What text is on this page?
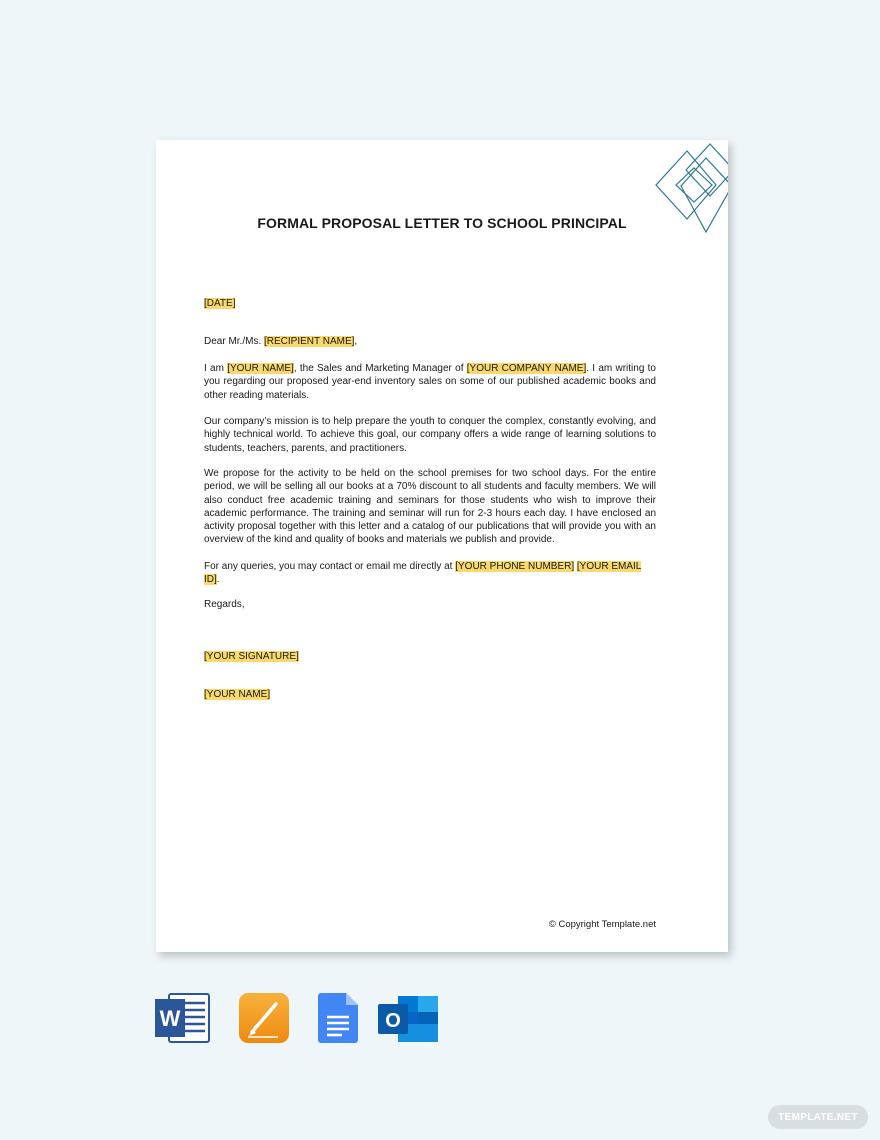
FORMAL PROPOSAL LETTER TO SCHOOL PRINCIPAL
[DATE]
Dear Mr./Ms. [RECIPIENT NAME],
I am [YOUR NAME], the Sales and Marketing Manager of [YOUR COMPANY NAME]. I am writing to you regarding our proposed year-end inventory sales on some of our published academic books and other reading materials.
Our company’s mission is to help prepare the youth to conquer the complex, constantly evolving, and highly technical world. To achieve this goal, our company offers a wide range of learning solutions to students, teachers, parents, and practitioners.
We propose for the activity to be held on the school premises for two school days. For the entire period, we will be selling all our books at a 70% discount to all students and faculty members. We will also conduct free academic training and seminars for those students who wish to improve their academic performance. The training and seminar will run for 2-3 hours each day. I have enclosed an activity proposal together with this letter and a catalog of our publications that will provide you with an overview of the kind and quality of books and materials we publish and provide.
For any queries, you may contact or email me directly at [YOUR PHONE NUMBER] [YOUR EMAIL ID].
Regards,
[YOUR SIGNATURE]
[YOUR NAME]
© Copyright Template.net
W	O
TEMPLATE.NET
